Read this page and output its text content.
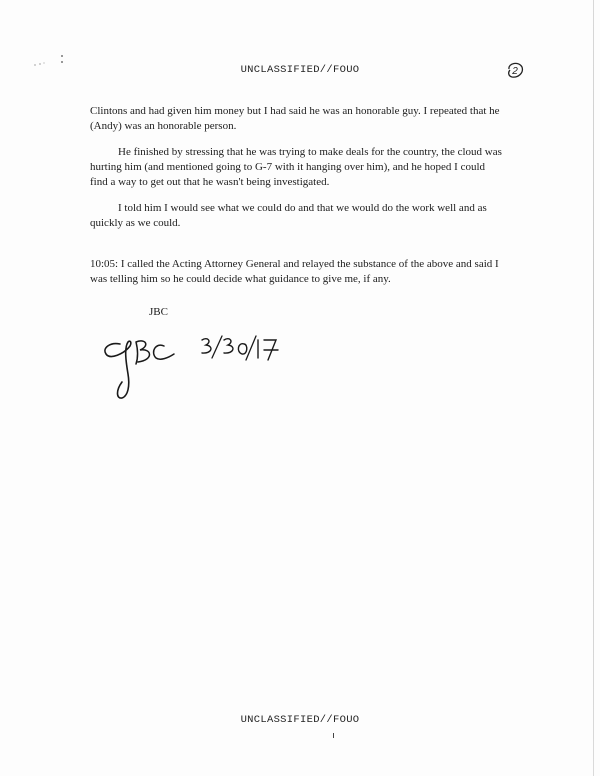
UNCLASSIFIED//FOUO	2

Clintons and had given him money but I had said he was an honorable guy. I repeated that he (Andy) was an honorable person.

He finished by stressing that he was trying to make deals for the country, the cloud was hurting him (and mentioned going to G-7 with it hanging over him), and he hoped I could find a way to get out that he wasn't being investigated.

I told him I would see what we could do and that we would do the work well and as quickly as we could.

10:05: I called the Acting Attorney General and relayed the substance of the above and said I was telling him so he could decide what guidance to give me, if any.

JBC
UNCLASSIFIED//FOUO
